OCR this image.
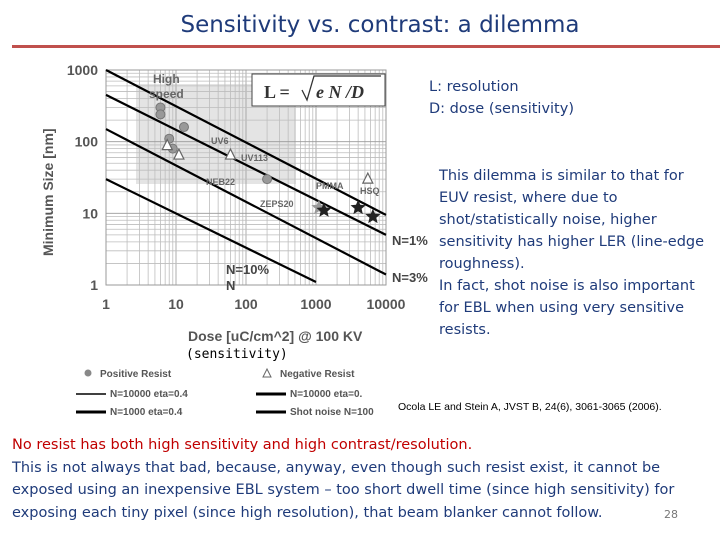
Sensitivity vs. contrast: a dilemma
1	10	100	1000 10000
1000
100
10
1
Minimum Size [nm]
Dose [uC/cm^2] @ 100 KV
High
speed	L = e N /D
UV6
UV113
NEB22
ZEPS20
PMMA HSQ
N=1%
N=3%
N=10%
N
Positive Resist	Negative Resist
N=10000 eta=0.4	N=10000 eta=0.
N=1000 eta=0.4	Shot noise N=100
(sensitivity)
L: resolution
D: dose (sensitivity)
This dilemma is similar to that for
EUV resist, where due to
shot/statistically noise, higher
sensitivity has higher LER (line-edge
roughness).
In fact, shot noise is also important
for EBL when using very sensitive
resists.
Ocola LE and Stein A, JVST B, 24(6), 3061-3065 (2006).
No resist has both high sensitivity and high contrast/resolution.
This is not always that bad, because, anyway, even though such resist exist, it cannot be
exposed using an inexpensive EBL system – too short dwell time (since high sensitivity) for
exposing each tiny pixel (since high resolution), that beam blanker cannot follow.	28
